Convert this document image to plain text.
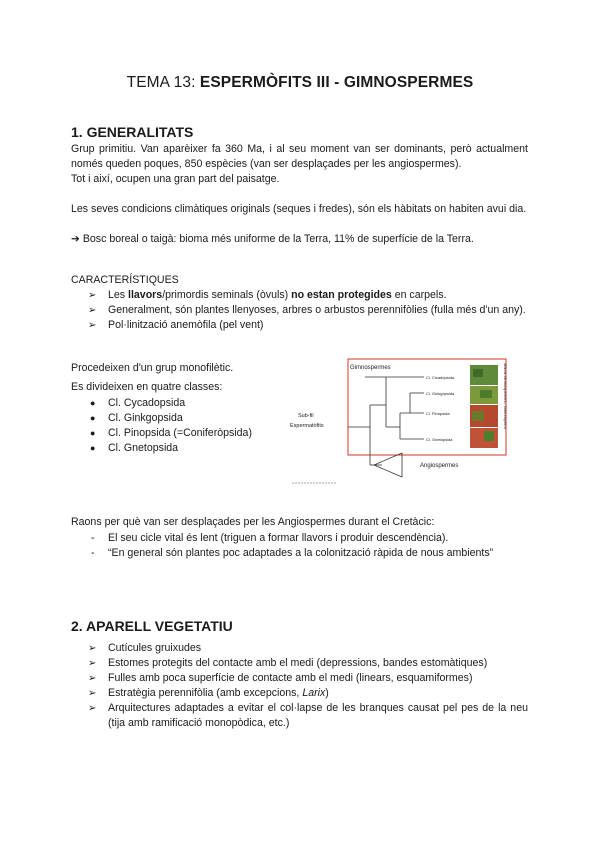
TEMA 13: ESPERMÒFITS III - GIMNOSPERMES
1. GENERALITATS
Grup primitiu. Van aparèixer fa 360 Ma, i al seu moment van ser dominants, però actualment només queden poques, 850 espècies (van ser desplaçades per les angiospermes).
Tot i així, ocupen una gran part del paisatge.
Les seves condicions climàtiques originals (seques i fredes), són els hàbitats on habiten avui dia.
➔ Bosc boreal o taigà: bioma més uniforme de la Terra, 11% de superfície de la Terra.
CARACTERÍSTIQUES
➢ Les llavors/primordis seminals (òvuls) no estan protegides en carpels.
➢ Generalment, són plantes llenyoses, arbres o arbustos perennifòlies (fulla més d'un any).
➢ Pol·linització anemòfila (pel vent)
Procedeixen d'un grup monofilètic.
Es divideixen en quatre classes:
● Cl. Cycadopsida
● Cl. Ginkgopsida
● Cl. Pinopsida (=Coniferòpsida)
● Cl. Gnetopsida
Gimnospermes
Sub-fil
Espermatòfits
Angiospermes
Cl. Cicadòpsida
Cl. Ginkgòpsida
Cl. Pinòpsida
Cl. Gnetòpsida
Marca-Gimnospermes / Gimnosperm
Raons per què van ser desplaçades per les Angiospermes durant el Cretàcic:
- El seu cicle vital és lent (triguen a formar llavors i produir descendència).
- “En general són plantes poc adaptades a la colonització ràpida de nous ambients”
2. APARELL VEGETATIU
➢ Cutícules gruixudes
➢ Estomes protegits del contacte amb el medi (depressions, bandes estomàtiques)
➢ Fulles amb poca superfície de contacte amb el medi (linears, esquamiformes)
➢ Estratègia perennifòlia (amb excepcions, Larix)
➢ Arquitectures adaptades a evitar el col·lapse de les branques causat pel pes de la neu (tija amb ramificació monopòdica, etc.)
